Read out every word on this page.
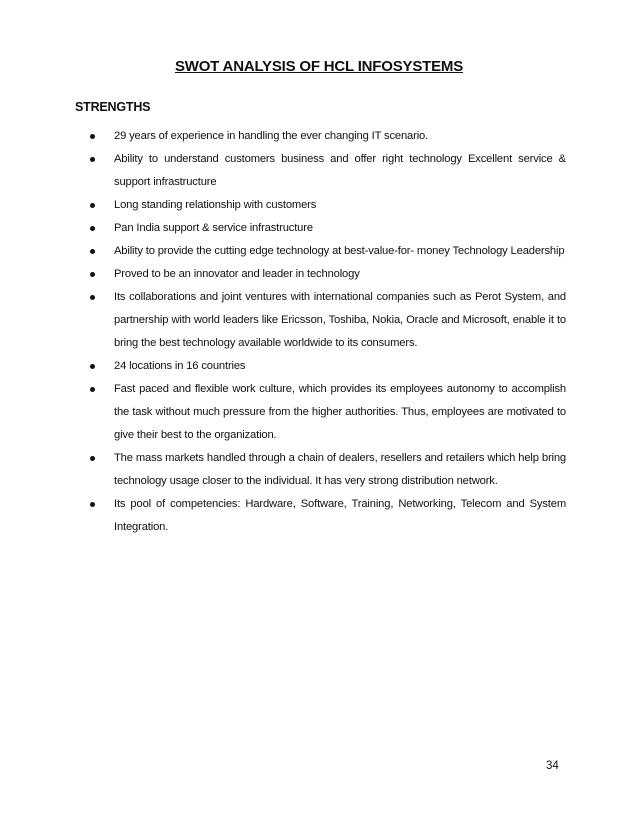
SWOT ANALYSIS OF HCL INFOSYSTEMS
STRENGTHS
29 years of experience in handling the ever changing IT scenario.
Ability to understand customers business and offer right technology Excellent service & support infrastructure
Long standing relationship with customers
Pan India support & service infrastructure
Ability to provide the cutting edge technology at best-value-for- money Technology Leadership
Proved to be an innovator and leader in technology
Its collaborations and joint ventures with international companies such as Perot System, and partnership with world leaders like Ericsson, Toshiba, Nokia, Oracle and Microsoft, enable it to bring the best technology available worldwide to its consumers.
24 locations in 16 countries
Fast paced and flexible work culture, which provides its employees autonomy to accomplish the task without much pressure from the higher authorities. Thus, employees are motivated to give their best to the organization.
The mass markets handled through a chain of dealers, resellers and retailers which help bring technology usage closer to the individual. It has very strong distribution network.
Its pool of competencies: Hardware, Software, Training, Networking, Telecom and System Integration.
34
